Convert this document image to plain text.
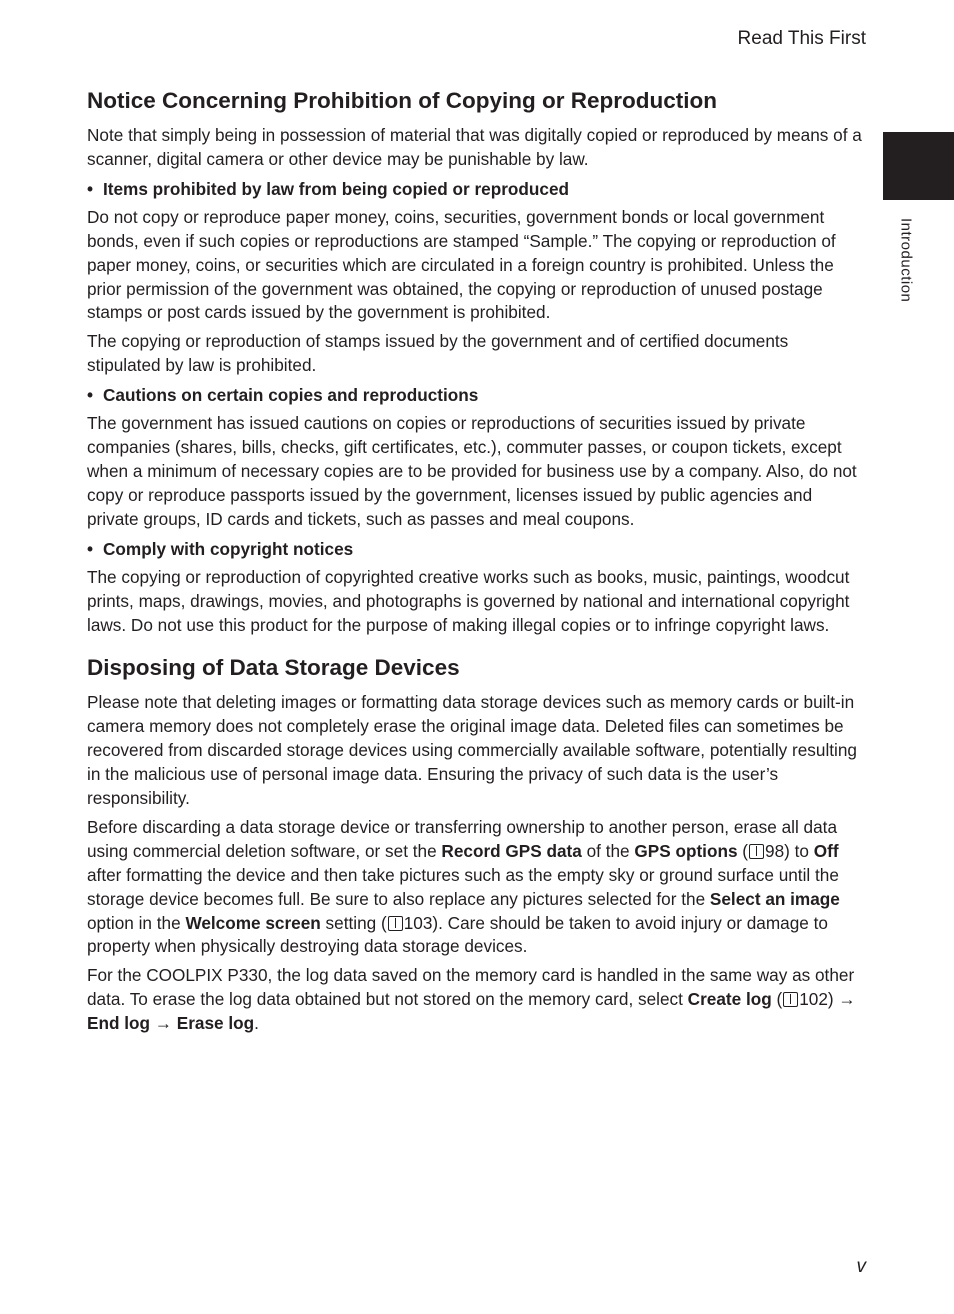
Read This First
Introduction
Notice Concerning Prohibition of Copying or Reproduction

Note that simply being in possession of material that was digitally copied or reproduced by means of a scanner, digital camera or other device may be punishable by law.

• Items prohibited by law from being copied or reproduced

Do not copy or reproduce paper money, coins, securities, government bonds or local government bonds, even if such copies or reproductions are stamped “Sample.” The copying or reproduction of paper money, coins, or securities which are circulated in a foreign country is prohibited. Unless the prior permission of the government was obtained, the copying or reproduction of unused postage stamps or post cards issued by the government is prohibited.

The copying or reproduction of stamps issued by the government and of certified documents stipulated by law is prohibited.

• Cautions on certain copies and reproductions

The government has issued cautions on copies or reproductions of securities issued by private companies (shares, bills, checks, gift certificates, etc.), commuter passes, or coupon tickets, except when a minimum of necessary copies are to be provided for business use by a company. Also, do not copy or reproduce passports issued by the government, licenses issued by public agencies and private groups, ID cards and tickets, such as passes and meal coupons.

• Comply with copyright notices

The copying or reproduction of copyrighted creative works such as books, music, paintings, woodcut prints, maps, drawings, movies, and photographs is governed by national and international copyright laws. Do not use this product for the purpose of making illegal copies or to infringe copyright laws.

Disposing of Data Storage Devices

Please note that deleting images or formatting data storage devices such as memory cards or built-in camera memory does not completely erase the original image data. Deleted files can sometimes be recovered from discarded storage devices using commercially available software, potentially resulting in the malicious use of personal image data. Ensuring the privacy of such data is the user’s responsibility.

Before discarding a data storage device or transferring ownership to another person, erase all data using commercial deletion software, or set the Record GPS data of the GPS options ( 98) to Off after formatting the device and then take pictures such as the empty sky or ground surface until the storage device becomes full. Be sure to also replace any pictures selected for the Select an image option in the Welcome screen setting ( 103). Care should be taken to avoid injury or damage to property when physically destroying data storage devices.

For the COOLPIX P330, the log data saved on the memory card is handled in the same way as other data. To erase the log data obtained but not stored on the memory card, select Create log ( 102) → End log → Erase log.

v
